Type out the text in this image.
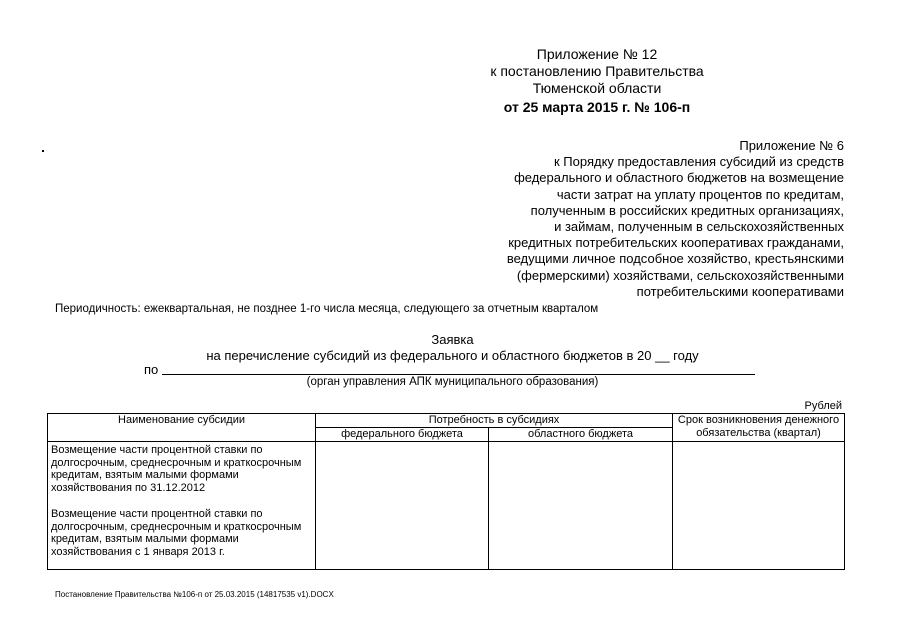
Приложение № 12
к постановлению Правительства
Тюменской области
от 25 марта 2015 г. № 106-п
Приложение № 6
к Порядку предоставления субсидий из средств
федерального и областного бюджетов на возмещение
части затрат на уплату процентов по кредитам,
полученным в российских кредитных организациях,
и займам, полученным в сельскохозяйственных
кредитных потребительских кооперативах гражданами,
ведущими личное подсобное хозяйство, крестьянскими
(фермерскими) хозяйствами, сельскохозяйственными
потребительскими кооперативами
Периодичность: ежеквартальная, не позднее 1-го числа месяца, следующего за отчетным кварталом
Заявка
на перечисление субсидий из федерального и областного бюджетов в 20 __ году
по
(орган управления АПК муниципального образования)
Рублей
Наименование субсидии	Потребность в субсидиях		Срок возникновения денежного обязательства (квартал)
	федерального бюджета	областного бюджета	

Возмещение части процентной ставки по долгосрочным, среднесрочным и краткосрочным кредитам, взятым малыми формами хозяйствования по 31.12.2012
Возмещение части процентной ставки по долгосрочным, среднесрочным и краткосрочным кредитам, взятым малыми формами хозяйствования с 1 января 2013 г.			

Постановление Правительства №106-п от 25.03.2015 (14817535 v1).DOCX
